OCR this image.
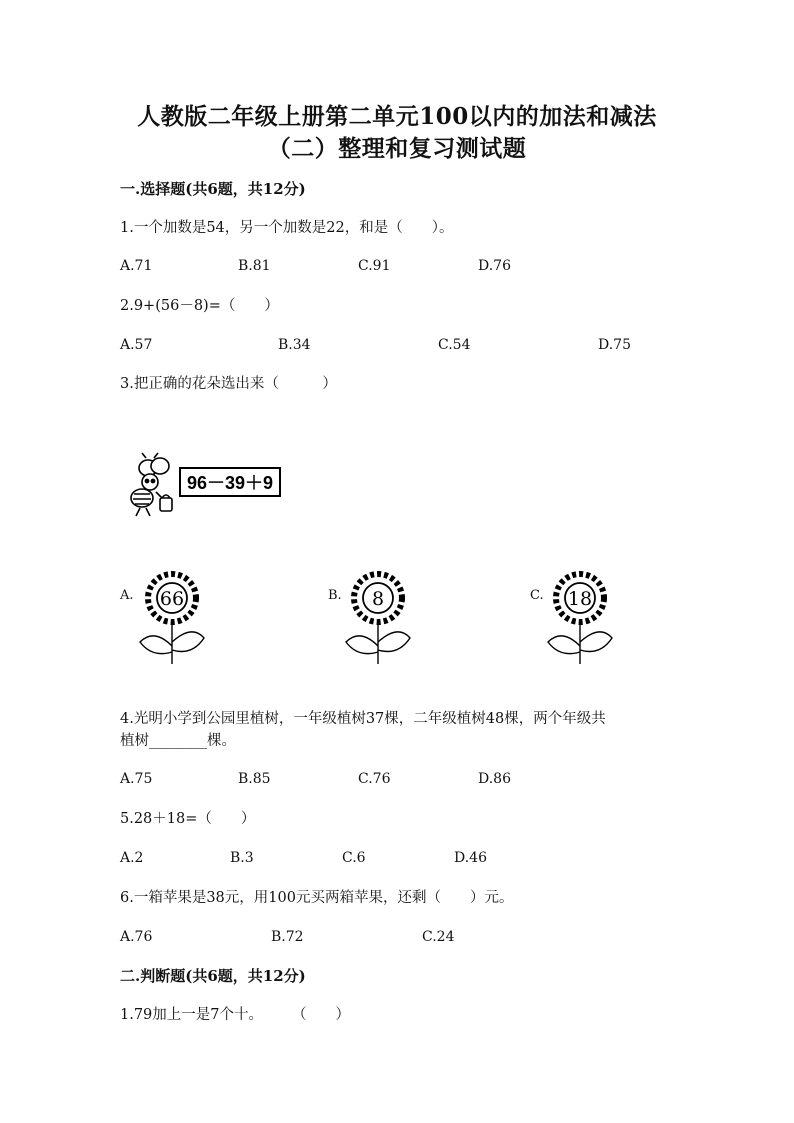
人教版二年级上册第二单元100以内的加法和减法
（二）整理和复习测试题
一.选择题(共6题，共12分)
1.一个加数是54，另一个加数是22，和是（　　）。
A.71	B.81	C.91	D.76
2.9+(56－8)=（　　）
A.57	B.34	C.54	D.75
3.把正确的花朵选出来（　　　）
96－39＋9
A. 66	B. 8	C. 18
4.光明小学到公园里植树，一年级植树37棵，二年级植树48棵，两个年级共
植树________棵。
A.75	B.85	C.76	D.86
5.28＋18=（　　）
A.2	B.3	C.6	D.46
6.一箱苹果是38元，用100元买两箱苹果，还剩（　　）元。
A.76	B.72	C.24
二.判断题(共6题，共12分)
1.79加上一是7个十。　　　（　　）
